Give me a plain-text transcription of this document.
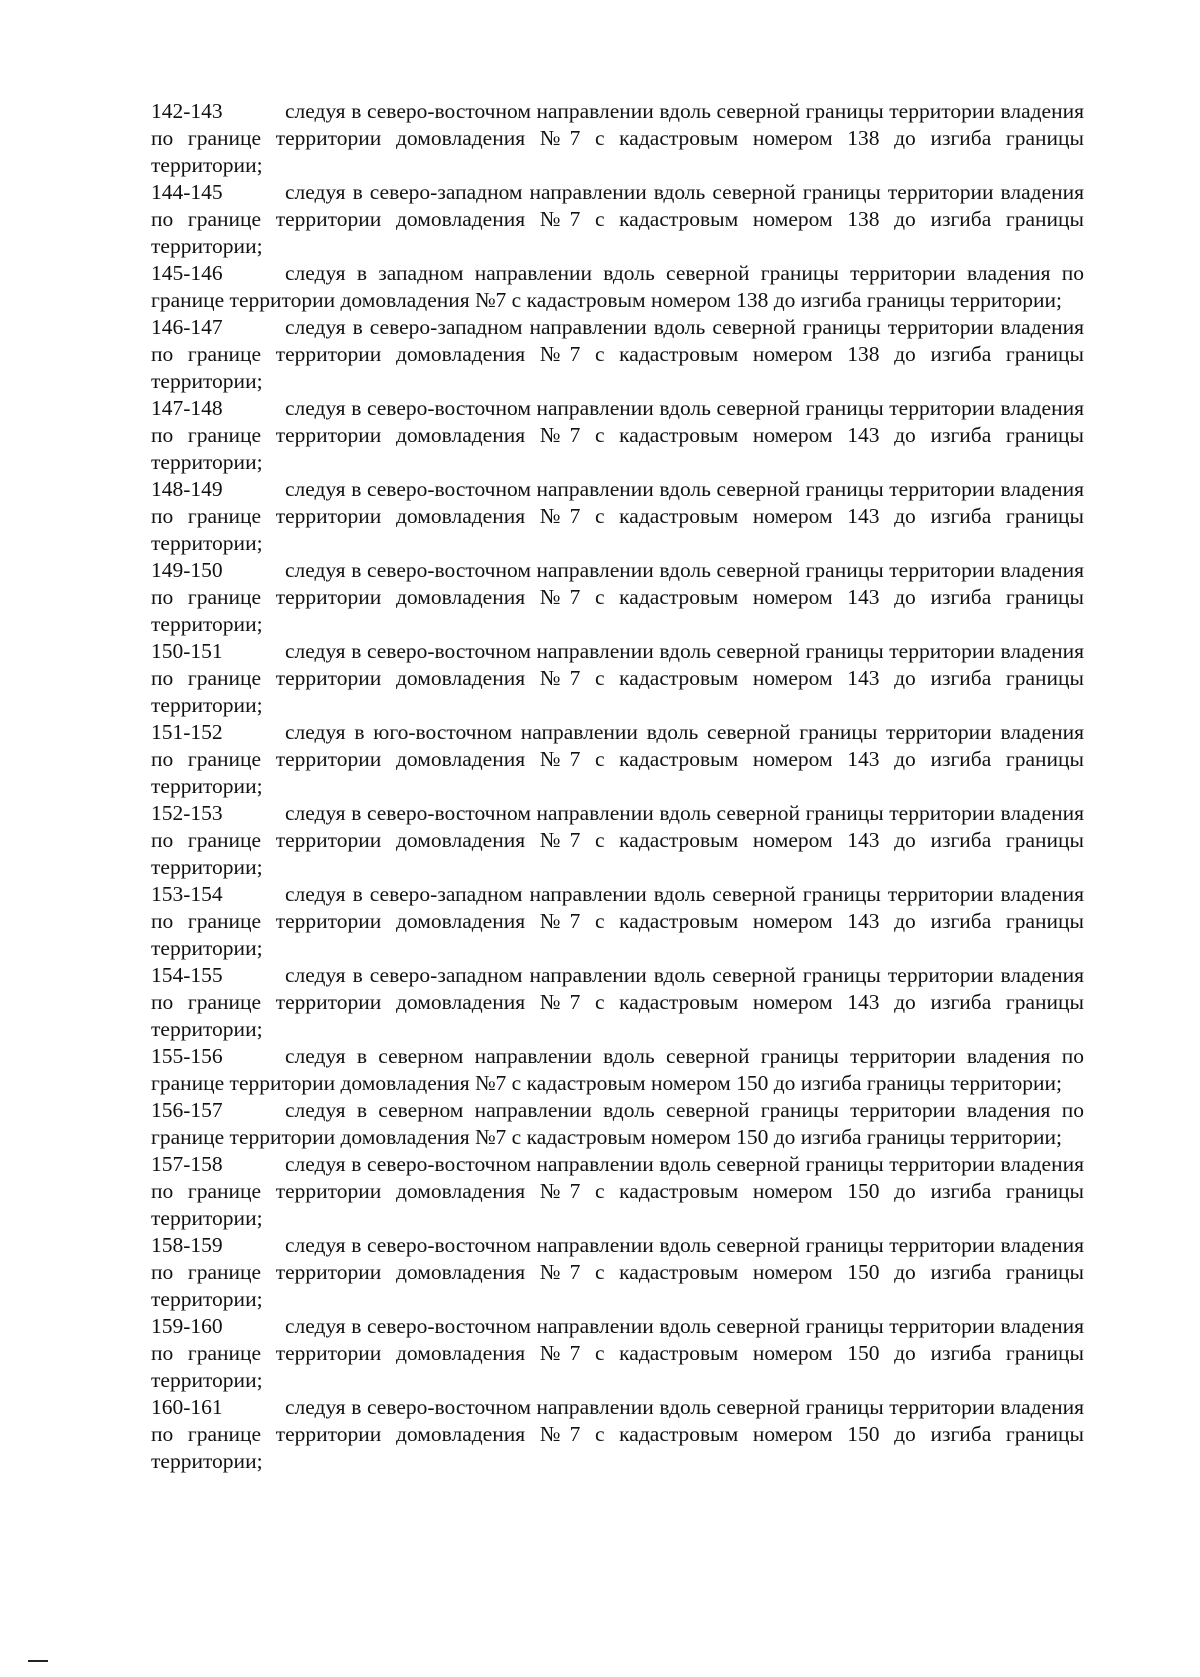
142-143	следуя в северо-восточном направлении вдоль северной границы территории владения по границе территории домовладения №7 с кадастровым номером 138 до изгиба границы территории;

144-145	следуя в северо-западном направлении вдоль северной границы территории владения по границе территории домовладения №7 с кадастровым номером 138 до изгиба границы территории;

145-146	следуя в западном направлении вдоль северной границы территории владения по границе территории домовладения №7 с кадастровым номером 138 до изгиба границы территории;

146-147	следуя в северо-западном направлении вдоль северной границы территории владения по границе территории домовладения №7 с кадастровым номером 138 до изгиба границы территории;

147-148	следуя в северо-восточном направлении вдоль северной границы территории владения по границе территории домовладения №7 с кадастровым номером 143 до изгиба границы территории;

148-149	следуя в северо-восточном направлении вдоль северной границы территории владения по границе территории домовладения №7 с кадастровым номером 143 до изгиба границы территории;

149-150	следуя в северо-восточном направлении вдоль северной границы территории владения по границе территории домовладения №7 с кадастровым номером 143 до изгиба границы территории;

150-151	следуя в северо-восточном направлении вдоль северной границы территории владения по границе территории домовладения №7 с кадастровым номером 143 до изгиба границы территории;

151-152	следуя в юго-восточном направлении вдоль северной границы территории владения по границе территории домовладения №7 с кадастровым номером 143 до изгиба границы территории;

152-153	следуя в северо-восточном направлении вдоль северной границы территории владения по границе территории домовладения №7 с кадастровым номером 143 до изгиба границы территории;

153-154	следуя в северо-западном направлении вдоль северной границы территории владения по границе территории домовладения №7 с кадастровым номером 143 до изгиба границы территории;

154-155	следуя в северо-западном направлении вдоль северной границы территории владения по границе территории домовладения №7 с кадастровым номером 143 до изгиба границы территории;

155-156	следуя в северном направлении вдоль северной границы территории владения по границе территории домовладения №7 с кадастровым номером 150 до изгиба границы территории;

156-157	следуя в северном направлении вдоль северной границы территории владения по границе территории домовладения №7 с кадастровым номером 150 до изгиба границы территории;

157-158	следуя в северо-восточном направлении вдоль северной границы территории владения по границе территории домовладения №7 с кадастровым номером 150 до изгиба границы территории;

158-159	следуя в северо-восточном направлении вдоль северной границы территории владения по границе территории домовладения №7 с кадастровым номером 150 до изгиба границы территории;

159-160	следуя в северо-восточном направлении вдоль северной границы территории владения по границе территории домовладения №7 с кадастровым номером 150 до изгиба границы территории;

160-161	следуя в северо-восточном направлении вдоль северной границы территории владения по границе территории домовладения №7 с кадастровым номером 150 до изгиба границы территории;
